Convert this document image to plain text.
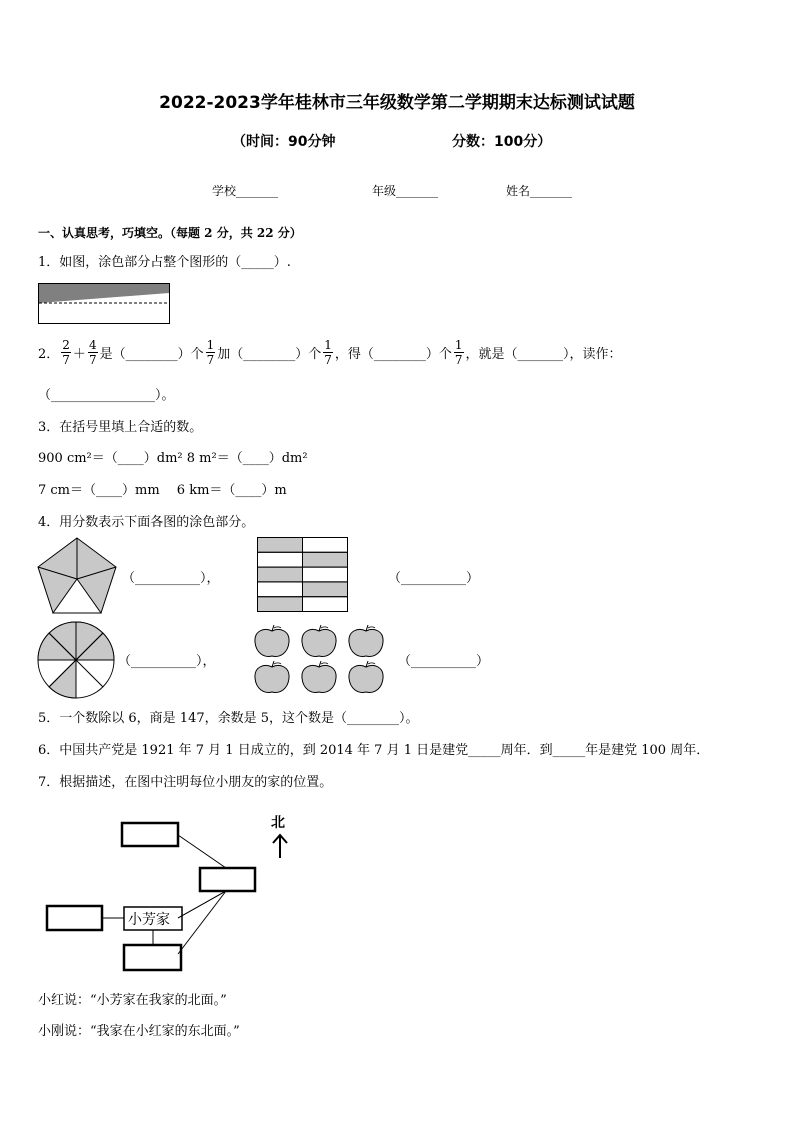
2022-2023学年桂林市三年级数学第二学期期末达标测试试题
（时间：90分钟	分数：100分）
学校_______	年级_______	姓名_______
一、认真思考，巧填空。（每题 2 分，共 22 分）
1．如图，涂色部分占整个图形的（_____）.
2． $\frac{2}{7} + \frac{4}{7}$ 是（________）个 $\frac{1}{7}$ 加（________）个 $\frac{1}{7}$ ，得（________）个 $\frac{1}{7}$ ，就是（_______），读作：
（________________）。
3．在括号里填上合适的数。
900 cm²＝（____）dm² 8 m²＝（____）dm²
7 cm＝（____）mm　 6 km＝（____）m
4．用分数表示下面各图的涂色部分。
（__________），	（__________）
（__________），	（__________）
5．一个数除以 6，商是 147，余数是 5，这个数是（________）。
6．中国共产党是 1921 年 7 月 1 日成立的，到 2014 年 7 月 1 日是建党_____周年．到_____年是建党 100 周年．
7．根据描述，在图中注明每位小朋友的家的位置。
北
小芳家
小红说：“小芳家在我家的北面。”
小刚说：“我家在小红家的东北面。”
